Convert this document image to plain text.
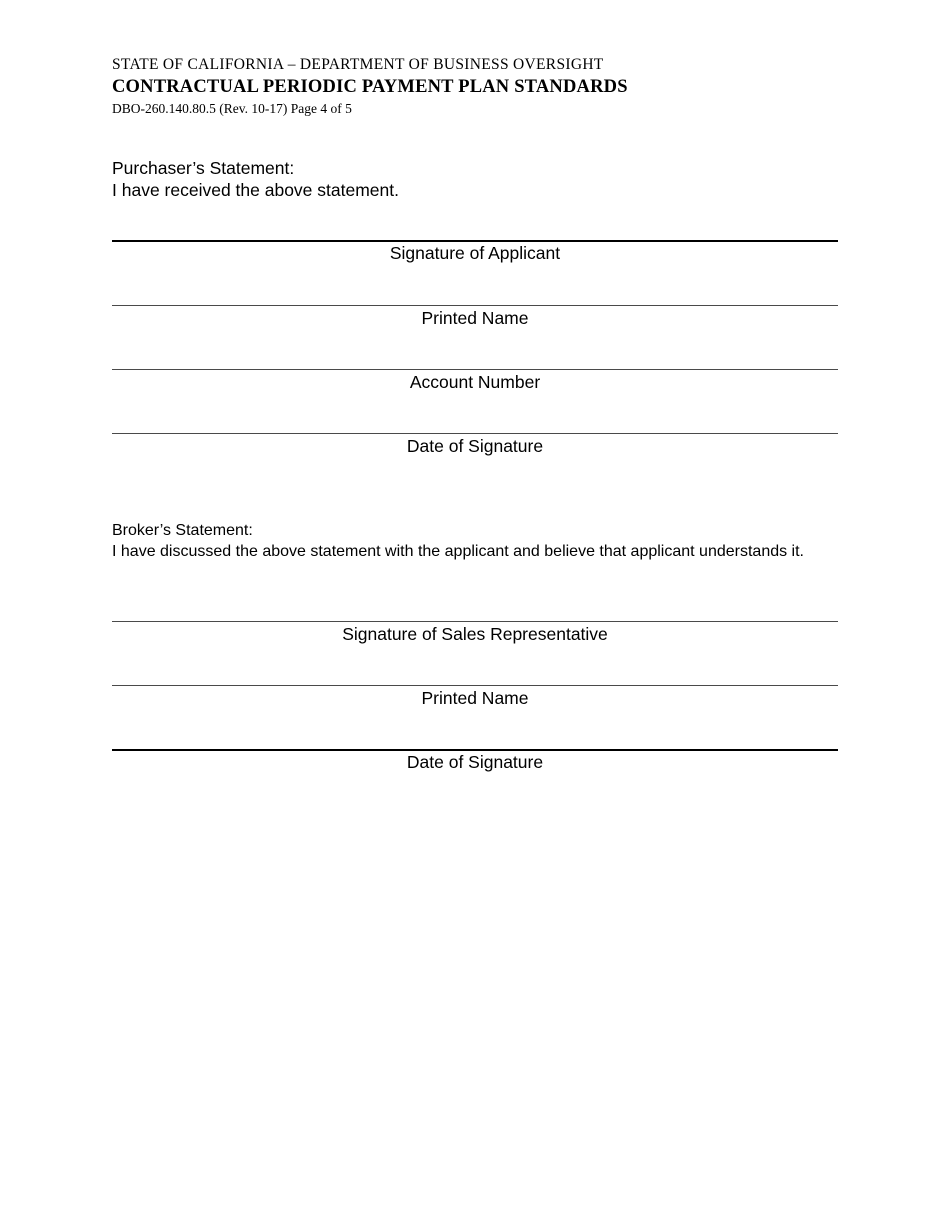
STATE OF CALIFORNIA – DEPARTMENT OF BUSINESS OVERSIGHT
CONTRACTUAL PERIODIC PAYMENT PLAN STANDARDS
DBO-260.140.80.5 (Rev. 10-17) Page 4 of 5
Purchaser’s Statement:
I have received the above statement.
Signature of Applicant
Printed Name
Account Number
Date of Signature
Broker’s Statement:
I have discussed the above statement with the applicant and believe that applicant understands it.
Signature of Sales Representative
Printed Name
Date of Signature
